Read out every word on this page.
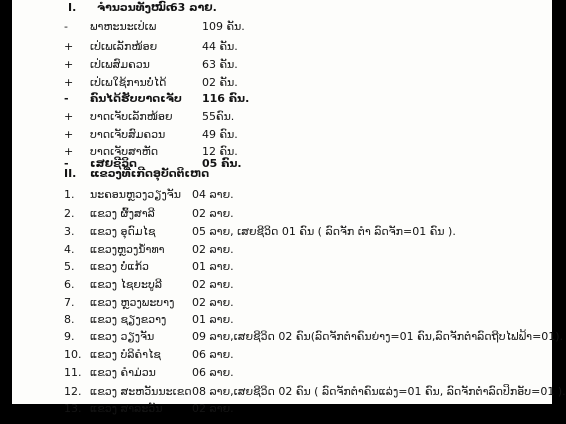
I. ຈຳນວນທັງໝົດ
63 ລາຍ.
- ພາຫະນະເປ່ເພ	109 ຄັນ.
+ ເປ່ເພເລັກໜ້ອຍ	44 ຄັນ.
+ ເປ່ເພສົມຄວນ	63 ຄັນ.
+ ເປ່ເພໃຊ້ການບໍ່ໄດ້	02 ຄັນ.
- ຄົນໄດ້ຮັບບາດເຈັບ 116 ຄົນ.
+ ບາດເຈັບເລັກໜ້ອຍ	55ຄົນ.
+ ບາດເຈັບສົມຄວນ	49 ຄົນ.
+ ບາດເຈັບສາຫັດ	12 ຄົນ.
- ເສຍຊີວິດ	05 ຄົນ.
II. ແຂວງທີ່ເກີດອຸບັດຕິເຫດ
1. ນະຄອນຫຼວງວຽງຈັນ 04 ລາຍ.
2. ແຂວງ ຜົ້ງສາລີ	02 ລາຍ.
3. ແຂວງ ອຸດົມໄຊ	05 ລາຍ, ເສຍຊີວິດ 01 ຄົນ ( ລົດຈັກ ຕຳ ລົດຈັກ=01 ຄົນ ).
4. ແຂວງຫຼວງນໍ້າທາ 02 ລາຍ.
5. ແຂວງ ບໍ່ແກ້ວ	01 ລາຍ.
6. ແຂວງ ໄຊຍະບູລີ	02 ລາຍ.
7. ແຂວງ ຫຼວງພະບາງ 02 ລາຍ.
8. ແຂວງ ຊຽງຂວາງ 01 ລາຍ.
9. ແຂວງ ວຽງຈັນ	09 ລາຍ,ເສຍຊີວິດ 02 ຄົນ(ລົດຈັກຕຳຄົນຍ່າງ=01 ຄົນ,ລົດຈັກຕຳລົດຖີບໄຟຟ້າ=01).
10. ແຂວງ ບໍລິຄຳໄຊ	06 ລາຍ.
11. ແຂວງ ຄຳມ່ວນ	06 ລາຍ.
12. ແຂວງ ສະຫວັນນະເຂດ 08 ລາຍ,ເສຍຊີວິດ 02 ຄົນ ( ລົດຈັກຕຳຄົນແລ່ງ=01 ຄົນ, ລົດຈັກຕຳລົດປິກອັບ=01 ).
13. ແຂວງ ສາລະວັນ	02 ລາຍ.
